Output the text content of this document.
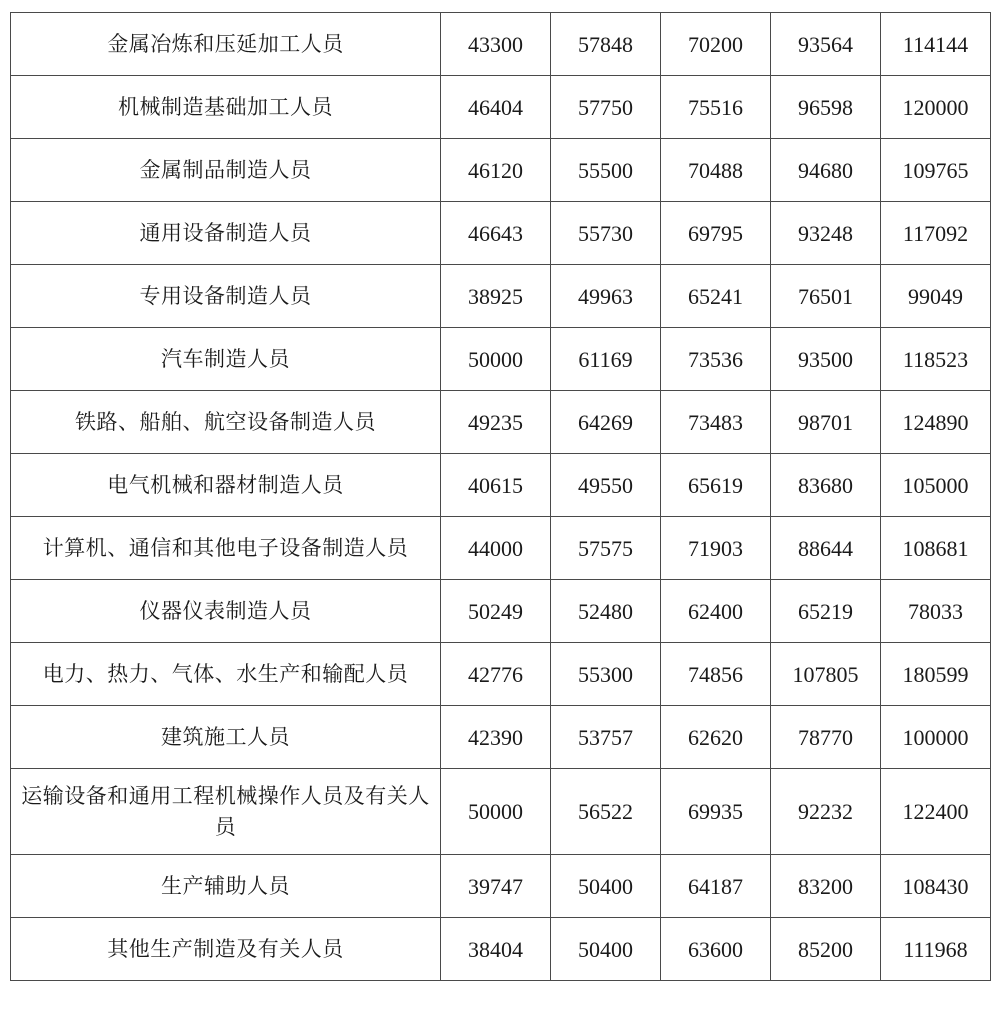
金属冶炼和压延加工人员	43300	57848	70200	93564	114144
机械制造基础加工人员	46404	57750	75516	96598	120000
金属制品制造人员	46120	55500	70488	94680	109765
通用设备制造人员	46643	55730	69795	93248	117092
专用设备制造人员	38925	49963	65241	76501	99049
汽车制造人员	50000	61169	73536	93500	118523
铁路、船舶、航空设备制造人员	49235	64269	73483	98701	124890
电气机械和器材制造人员	40615	49550	65619	83680	105000
计算机、通信和其他电子设备制造人员	44000	57575	71903	88644	108681
仪器仪表制造人员	50249	52480	62400	65219	78033
电力、热力、气体、水生产和输配人员	42776	55300	74856	107805	180599
建筑施工人员	42390	53757	62620	78770	100000
运输设备和通用工程机械操作人员及有关人员	50000	56522	69935	92232	122400
生产辅助人员	39747	50400	64187	83200	108430
其他生产制造及有关人员	38404	50400	63600	85200	111968
